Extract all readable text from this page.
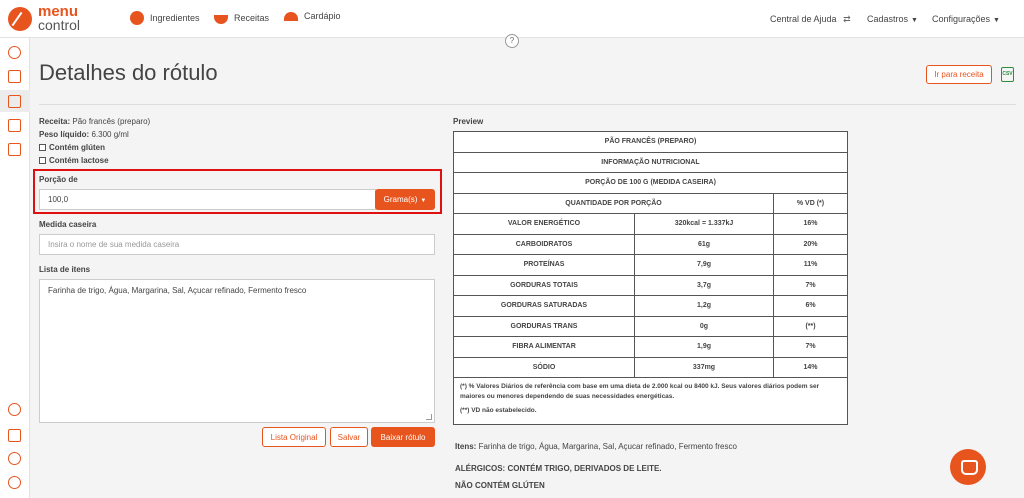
menu
control	Ingredientes	Receitas	Cardápio	Central de Ajuda ⇄ Cadastros ▼ Configurações ▼
?
Detalhes do rótulo	Ir para receita	CSV
Receita: Pão francês (preparo)
Peso líquido: 6.300 g/ml
Contém glúten
Contém lactose
Porção de
100,0	Grama(s) ▼
Medida caseira
Insira o nome de sua medida caseira
Lista de itens
Farinha de trigo, Água, Margarina, Sal, Açucar refinado, Fermento fresco
Lista Original	Salvar	Baixar rótulo
Preview
PÃO FRANCÊS (PREPARO)		
INFORMAÇÃO NUTRICIONAL		
PORÇÃO DE 100 G (MEDIDA CASEIRA)		
QUANTIDADE POR PORÇÃO		% VD (*)
VALOR ENERGÉTICO	320kcal = 1.337kJ	16%
CARBOIDRATOS	61g	20%
PROTEÍNAS	7,9g	11%
GORDURAS TOTAIS	3,7g	7%
GORDURAS SATURADAS	1,2g	6%
GORDURAS TRANS	0g	(**)
FIBRA ALIMENTAR	1,9g	7%
SÓDIO	337mg	14%

(*) % Valores Diários de referência com base em uma dieta de 2.000 kcal ou 8400 kJ. Seus valores diários podem ser maiores ou menores dependendo de suas necessidades energéticas.

(**) VD não estabelecido.		

Itens: Farinha de trigo, Água, Margarina, Sal, Açucar refinado, Fermento fresco
ALÉRGICOS: CONTÉM TRIGO, DERIVADOS DE LEITE.
NÃO CONTÉM GLÚTEN
